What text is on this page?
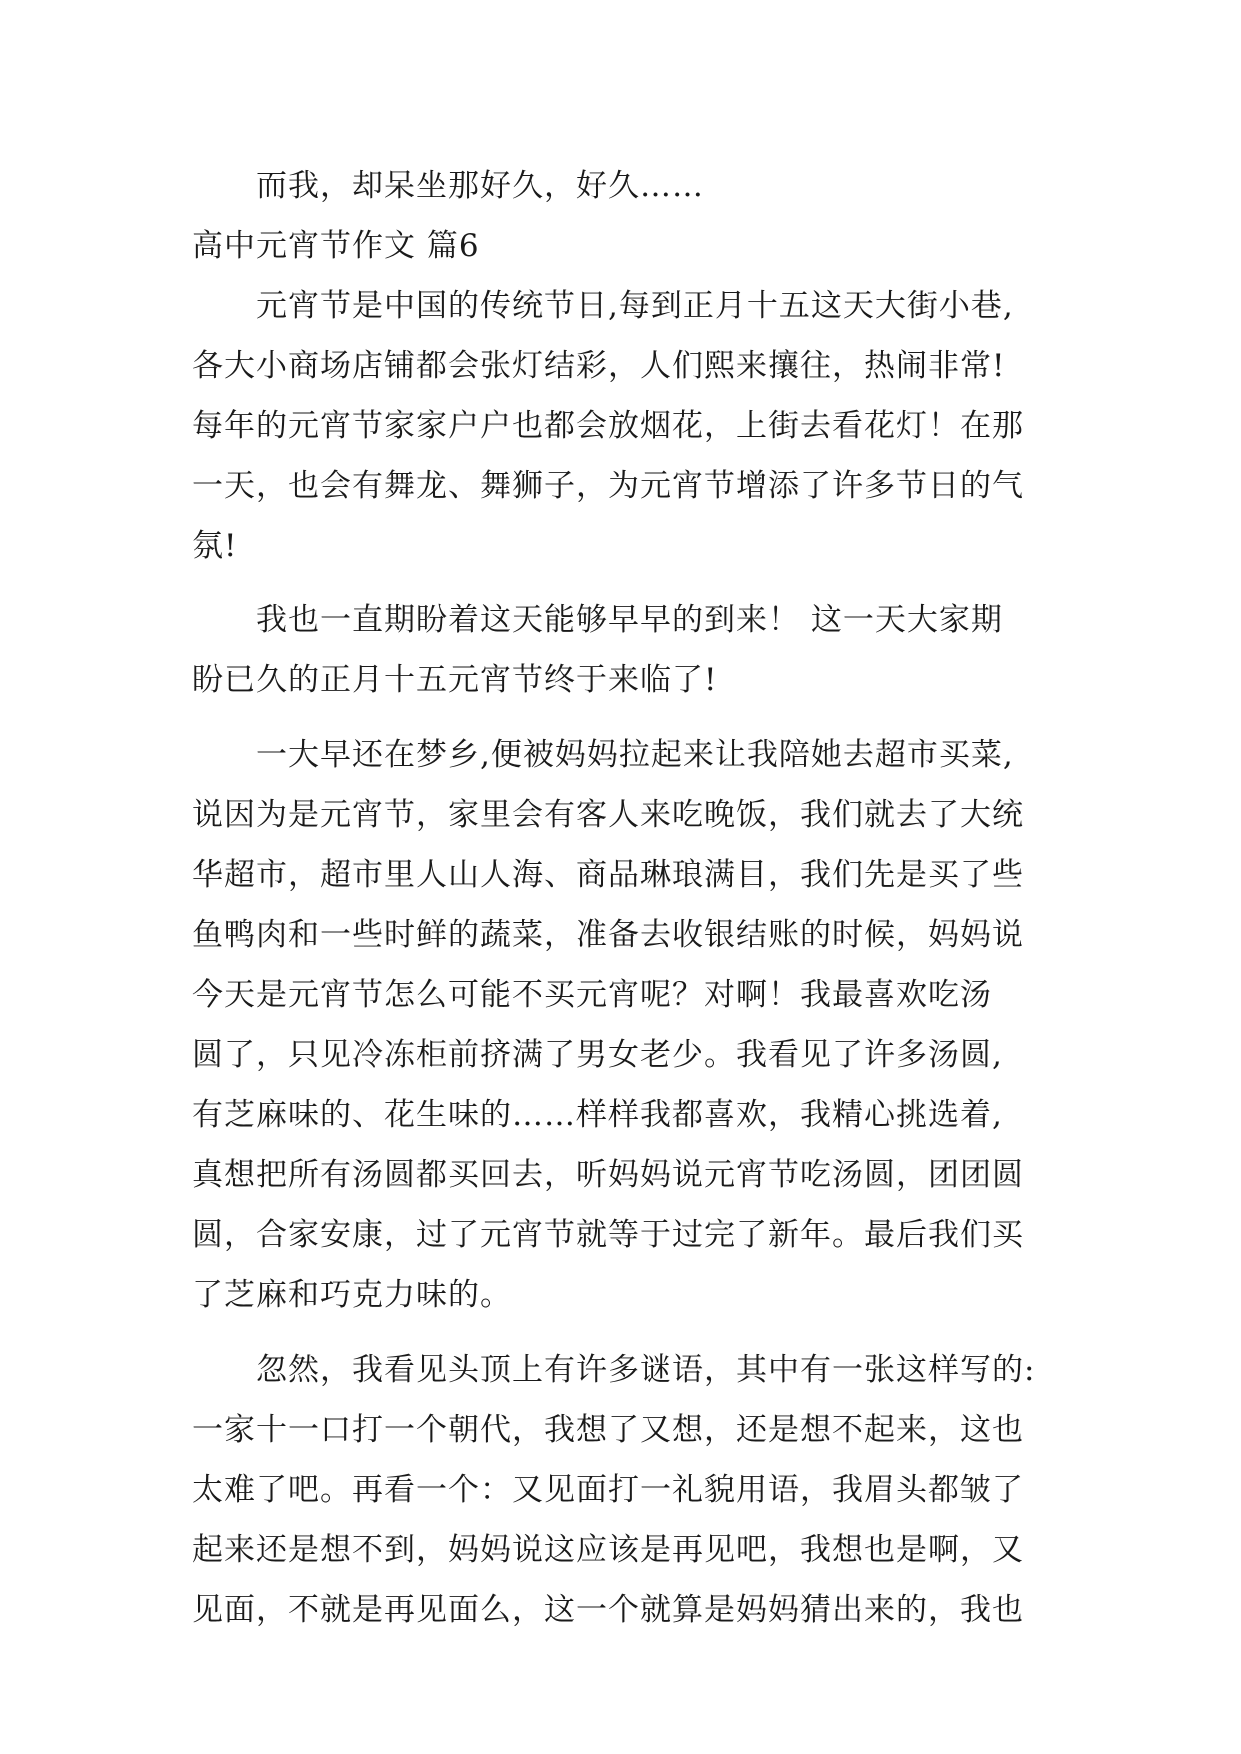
而我，却呆坐那好久，好久……
高中元宵节作文 篇6
元宵节是中国的传统节日,每到正月十五这天大街小巷,
各大小商场店铺都会张灯结彩，人们熙来攘往，热闹非常!
每年的元宵节家家户户也都会放烟花，上街去看花灯！在那
一天，也会有舞龙、舞狮子，为元宵节增添了许多节日的气
氛!
我也一直期盼着这天能够早早的到来！ 这一天大家期
盼已久的正月十五元宵节终于来临了!
一大早还在梦乡,便被妈妈拉起来让我陪她去超市买菜,
说因为是元宵节，家里会有客人来吃晚饭，我们就去了大统
华超市，超市里人山人海、商品琳琅满目，我们先是买了些
鱼鸭肉和一些时鲜的蔬菜，准备去收银结账的时候，妈妈说
今天是元宵节怎么可能不买元宵呢？对啊！我最喜欢吃汤
圆了，只见冷冻柜前挤满了男女老少。我看见了许多汤圆,
有芝麻味的、花生味的……样样我都喜欢，我精心挑选着,
真想把所有汤圆都买回去，听妈妈说元宵节吃汤圆，团团圆
圆，合家安康，过了元宵节就等于过完了新年。最后我们买
了芝麻和巧克力味的。
忽然，我看见头顶上有许多谜语，其中有一张这样写的:
一家十一口打一个朝代，我想了又想，还是想不起来，这也
太难了吧。再看一个：又见面打一礼貌用语，我眉头都皱了
起来还是想不到，妈妈说这应该是再见吧，我想也是啊，又
见面，不就是再见面么，这一个就算是妈妈猜出来的，我也
